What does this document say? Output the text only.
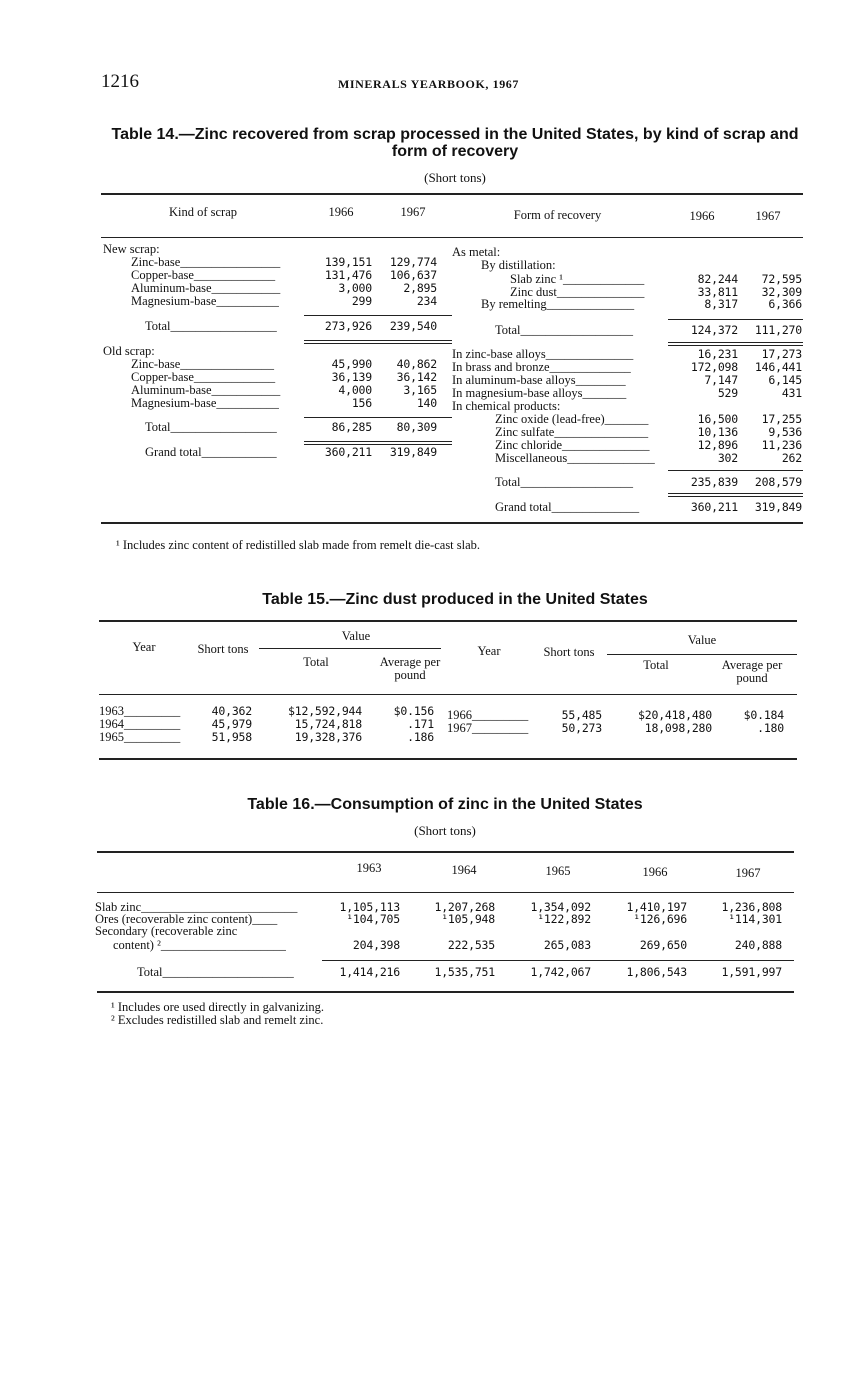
1216	MINERALS YEARBOOK, 1967
Table 14.—Zinc recovered from scrap processed in the United States, by kind of scrap and
form of recovery
(Short tons)
Kind of scrap	1966	1967	Form of recovery	1966	1967
New scrap:
Zinc-base________________	139,151	129,774
Copper-base_____________	131,476	106,637
Aluminum-base___________	3,000	2,895
Magnesium-base__________	299	234
Total_________________	273,926	239,540
Old scrap:
Zinc-base_______________	45,990	40,862
Copper-base_____________	36,139	36,142
Aluminum-base___________	4,000	3,165
Magnesium-base__________	156	140
Total_________________	86,285	80,309
Grand total____________	360,211	319,849
As metal:
By distillation:
Slab zinc ¹_____________	82,244	72,595
Zinc dust______________	33,811	32,309
By remelting______________	8,317	6,366
Total__________________	124,372	111,270
In zinc-base alloys______________	16,231	17,273
In brass and bronze_____________	172,098	146,441
In aluminum-base alloys________	7,147	6,145
In magnesium-base alloys_______	529	431
In chemical products:
Zinc oxide (lead-free)_______	16,500	17,255
Zinc sulfate_______________	10,136	9,536
Zinc chloride______________	12,896	11,236
Miscellaneous______________	302	262
Total__________________	235,839	208,579
Grand total______________	360,211	319,849
¹ Includes zinc content of redistilled slab made from remelt die-cast slab.
Table 15.—Zinc dust produced in the United States
Year	Short tons
Value
Total	Average per pound
Year	Short tons
Value
Total	Average per pound
1963_________	40,362	$12,592,944	$0.156
1964_________	45,979	15,724,818	.171
1965_________	51,958	19,328,376	.186
1966_________	55,485	$20,418,480	$0.184
1967_________	50,273	18,098,280	.180
Table 16.—Consumption of zinc in the United States
(Short tons)
1963	1964	1965	1966	1967
Slab zinc_________________________	1,105,113	1,207,268	1,354,092	1,410,197	1,236,808
Ores (recoverable zinc content)____	¹104,705	¹105,948	¹122,892	¹126,696	¹114,301
Secondary (recoverable zinc
content) ²____________________	204,398	222,535	265,083	269,650	240,888
Total_____________________	1,414,216	1,535,751	1,742,067	1,806,543	1,591,997
¹ Includes ore used directly in galvanizing.
² Excludes redistilled slab and remelt zinc.
